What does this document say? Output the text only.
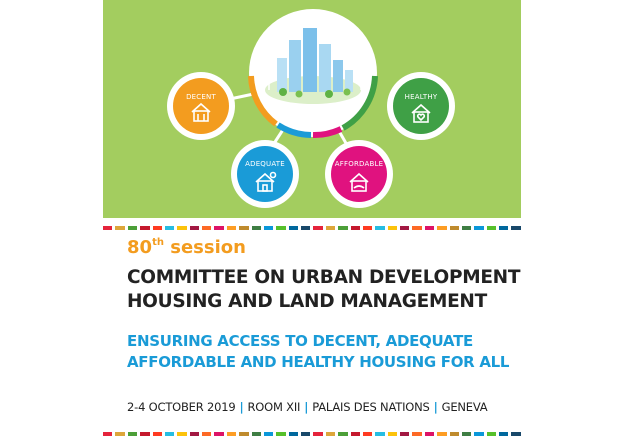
DECENT	HEALTHY
ADEQUATE	AFFORDABLE
80th session
COMMITTEE ON URBAN DEVELOPMENT
HOUSING AND LAND MANAGEMENT
ENSURING ACCESS TO DECENT, ADEQUATE
AFFORDABLE AND HEALTHY HOUSING FOR ALL
2-4 OCTOBER 2019 | ROOM XII | PALAIS DES NATIONS | GENEVA
